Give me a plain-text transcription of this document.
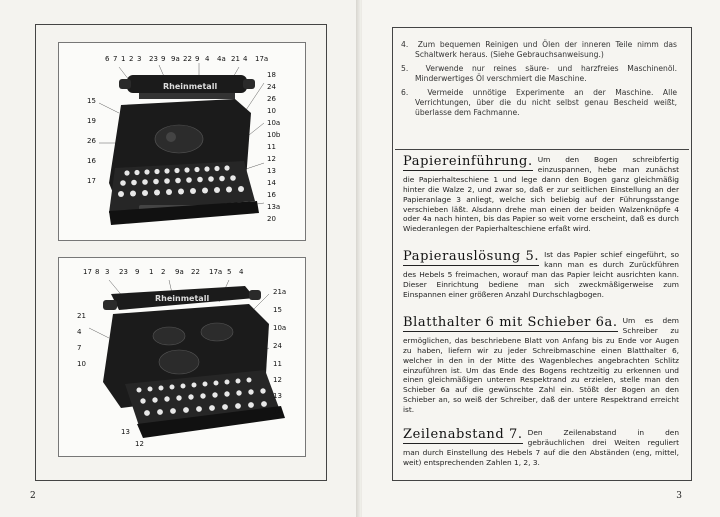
Rheinmetall
6 7 1 2 3 23 9 9a 22 9 4 4a 21 4 17a
18
24
26
10
10a
10b
11
12
13
14
16
13a
20
15
19
26
16
17
Rheinmetall
17 8 3 23 9 1 2 9a 22 17a 5 4
21a
15
10a
24
11
12
13
14
21
4
7
10
13
12
2
4. Zum bequemen Reinigen und Ölen der inneren Teile nimm das Schaltwerk heraus. (Siehe Gebrauchsanweisung.)
5. Verwende nur reines säure- und harzfreies Maschinenöl. Minderwertiges Öl verschmiert die Maschine.
6.	Vermeide unnötige Experimente an der Maschine. Alle Verrichtungen, über die du nicht selbst genau Bescheid weißt, überlasse dem Fachmanne.
Papiereinführung. Um den Bogen schreibfertig einzuspannen, hebe man zunächst die Papierhalteschiene 1 und lege dann den Bogen ganz gleichmäßig hinter die Walze 2, und zwar so, daß er zur seitlichen Einstellung an der Papieranlage 3 anliegt, welche sich beliebig auf der Führungsstange verschieben läßt. Alsdann drehe man einen der beiden Walzenknöpfe 4 oder 4a nach hinten, bis das Papier so weit vorne erscheint, daß es durch Wiederanlegen der Papierhalteschiene erfaßt wird.
Papierauslösung 5. Ist das Papier schief eingeführt, so kann man es durch Zurückführen des Hebels 5 freimachen, worauf man das Papier leicht ausrichten kann. Dieser Einrichtung bediene man sich zweckmäßigerweise zum Einspannen einer größeren Anzahl Durchschlagbogen.
Blatthalter 6 mit Schieber 6a. Um es dem Schreiber zu ermöglichen, das beschriebene Blatt von Anfang bis zu Ende vor Augen zu haben, liefern wir zu jeder Schreibmaschine einen Blatthalter 6, welcher in den in der Mitte des Wagenbleches angebrachten Schlitz einzuführen ist. Um das Ende des Bogens rechtzeitig zu erkennen und einen gleichmäßigen unteren Respektrand zu erzielen, stelle man den Schieber 6a auf die gewünschte Zahl ein. Stößt der Bogen an den Schieber an, so weiß der Schreiber, daß der untere Respektrand erreicht ist.
Zeilenabstand 7. Den Zeilenabstand in den gebräuchlichen drei Weiten reguliert man durch Einstellung des Hebels 7 auf die den Abständen (eng, mittel, weit) entsprechenden Zahlen 1, 2, 3.
3
